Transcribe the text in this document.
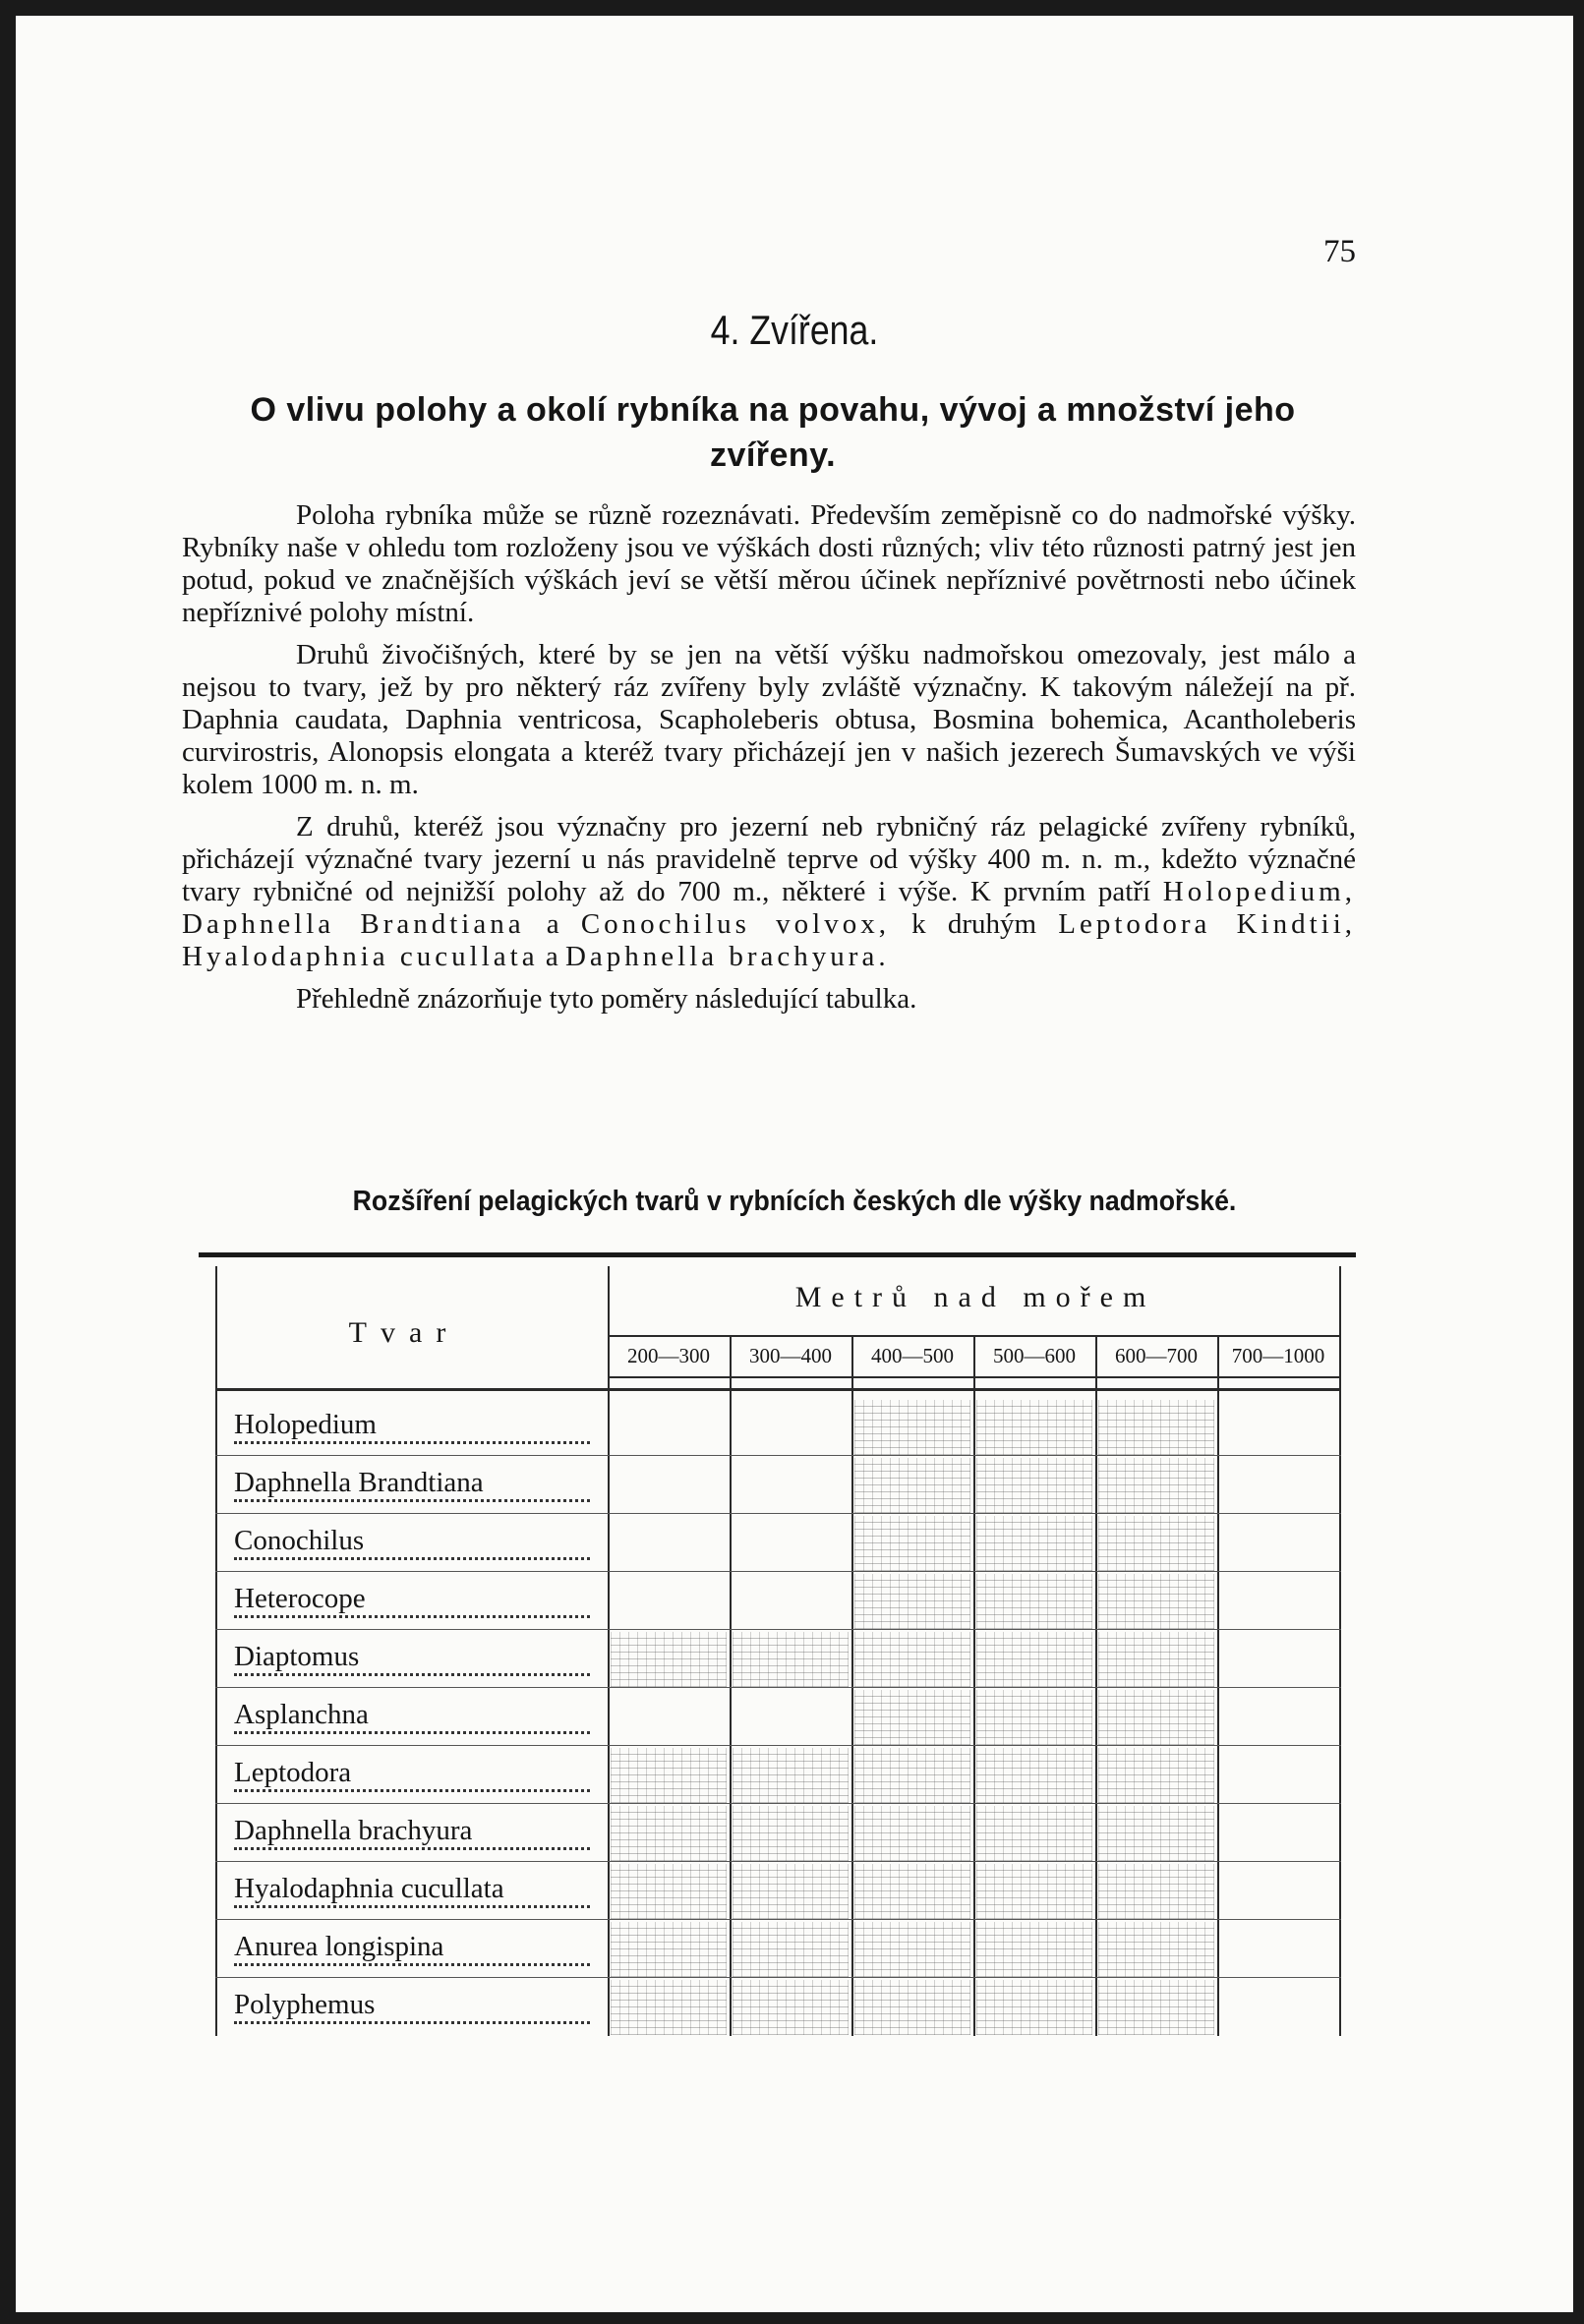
75
4. Zvířena.
O vlivu polohy a okolí rybníka na povahu, vývoj a množství jeho zvířeny.

Poloha rybníka může se různě rozeznávati. Především zeměpisně co do nadmořské výšky. Rybníky naše v ohledu tom rozloženy jsou ve výškách dosti různých; vliv této různosti patrný jest jen potud, pokud ve značnějších výškách jeví se větší měrou účinek nepříznivé povětrnosti nebo účinek nepříznivé polohy místní.

Druhů živočišných, které by se jen na větší výšku nadmořskou omezovaly, jest málo a nejsou to tvary, jež by pro některý ráz zvířeny byly zvláště význačny. K takovým náležejí na př. Daphnia caudata, Daphnia ventricosa, Scapholeberis obtusa, Bosmina bohemica, Acantholeberis curvirostris, Alonopsis elongata a kteréž tvary přicházejí jen v našich jezerech Šumavských ve výši kolem 1000 m. n. m.

Z druhů, kteréž jsou význačny pro jezerní neb rybničný ráz pelagické zvířeny rybníků, přicházejí význačné tvary jezerní u nás pravidelně teprve od výšky 400 m. n. m., kdežto význačné tvary rybničné od nejnižší polohy až do 700 m., některé i výše. K prvním patří Holopedium, Daphnella Brandtiana a Conochilus volvox, k druhým Leptodora Kindtii, Hyalodaphnia cucullata a Daphnella brachyura.

Přehledně znázorňuje tyto poměry následující tabulka.

Rozšíření pelagických tvarů v rybnících českých dle výšky nadmořské.
Tvar
Metrů nad mořem
200—300	300—400	400—500	500—600	600—700	700—1000
Holopedium
Daphnella Brandtiana
Conochilus
Heterocope
Diaptomus
Asplanchna
Leptodora
Daphnella brachyura
Hyalodaphnia cucullata
Anurea longispina
Polyphemus
